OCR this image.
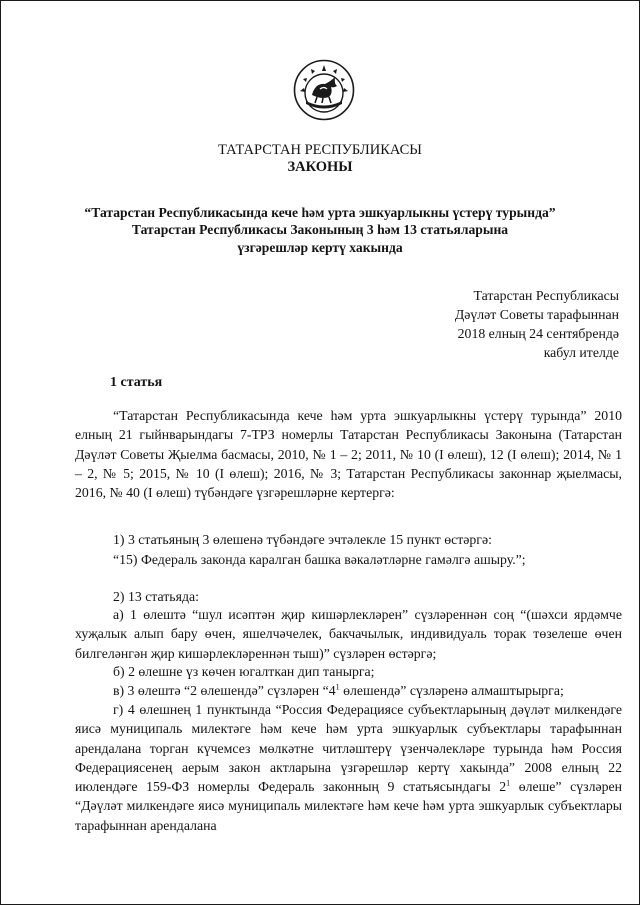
ТАТАРСТАН РЕСПУБЛИКАСЫ
ЗАКОНЫ
“Татарстан Республикасында кече һәм урта эшкуарлыкны үстерү турында”
Татарстан Республикасы Законының 3 һәм 13 статьяларына
үзгәрешләр кертү хакында
Татарстан Республикасы
Дәүләт Советы тарафыннан
2018 елның 24 сентябрендә
кабул ителде
1 статья
“Татарстан Республикасында кече һәм урта эшкуарлыкны үстерү турында” 2010 елның 21 гыйнварындагы 7-ТРЗ номерлы Татарстан Республикасы Законына (Татарстан Дәүләт Советы Җыелма басмасы, 2010, № 1 – 2; 2011, № 10 (I өлеш), 12 (I өлеш); 2014, № 1 – 2, № 5; 2015, № 10 (I өлеш); 2016, № 3; Татарстан Республикасы законнар җыелмасы, 2016, № 40 (I өлеш) түбәндәге үзгәрешләрне кертергә:
1) 3 статьяның 3 өлешенә түбәндәге эчтәлекле 15 пункт өстәргә:
“15) Федераль законда каралган башка вәкаләтләрне гамәлгә ашыру.”;
2) 13 статьяда:
а) 1 өлештә “шул исәптән җир кишәрлекләрен” сүзләреннән соң “(шәхси ярдәмче хуҗалык алып бару өчен, яшелчәчелек, бакчачылык, индивидуаль торак төзелеше өчен билгеләнгән җир кишәрлекләреннән тыш)” сүзләрен өстәргә;
б) 2 өлешне үз көчен югалткан дип танырга;
в) 3 өлештә “2 өлешендә” сүзләрен “$4^1$ өлешендә” сүзләренә алмаштырырга;
г) 4 өлешнең 1 пунктында “Россия Федерациясе субъектларының дәүләт милкендәге яисә муниципаль милектәге һәм кече һәм урта эшкуарлык субъектлары тарафыннан арендалана торган күчемсез мөлкәтне читләштерү үзенчәлекләре турында һәм Россия Федерациясенең аерым закон актларына үзгәрешләр кертү хакында” 2008 елның 22 июлендәге 159-ФЗ номерлы Федераль законның 9 статьясындагы $2^1$ өлеше” сүзләрен “Дәүләт милкендәге яисә муниципаль милектәге һәм кече һәм урта эшкуарлык субъектлары тарафыннан арендалана
